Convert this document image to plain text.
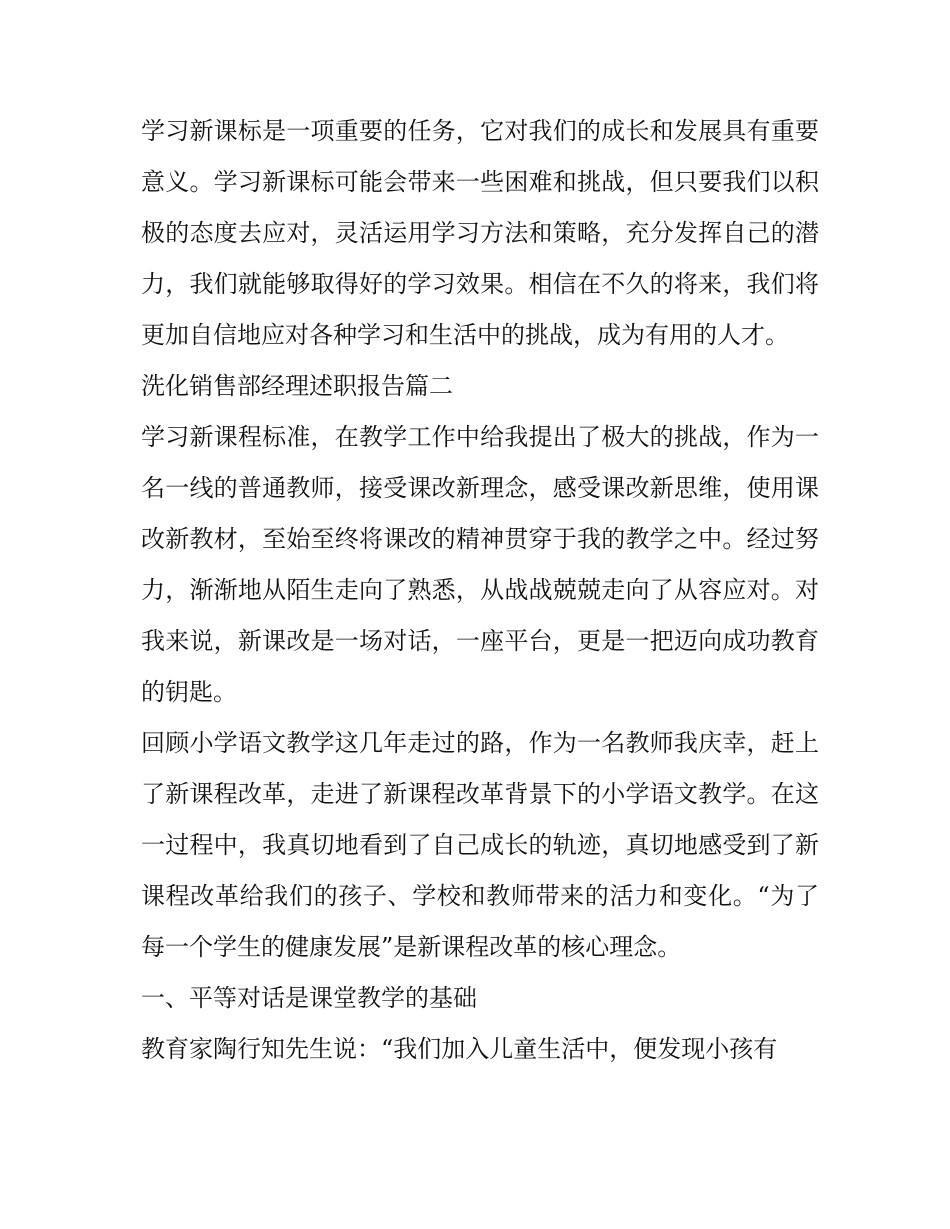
学习新课标是一项重要的任务，它对我们的成长和发展具有重要意义。学习新课标可能会带来一些困难和挑战，但只要我们以积极的态度去应对，灵活运用学习方法和策略，充分发挥自己的潜力，我们就能够取得好的学习效果。相信在不久的将来，我们将更加自信地应对各种学习和生活中的挑战，成为有用的人才。

洗化销售部经理述职报告篇二

学习新课程标准，在教学工作中给我提出了极大的挑战，作为一名一线的普通教师，接受课改新理念，感受课改新思维，使用课改新教材，至始至终将课改的精神贯穿于我的教学之中。经过努力，渐渐地从陌生走向了熟悉，从战战兢兢走向了从容应对。对我来说，新课改是一场对话，一座平台，更是一把迈向成功教育的钥匙。

回顾小学语文教学这几年走过的路，作为一名教师我庆幸，赶上了新课程改革，走进了新课程改革背景下的小学语文教学。在这一过程中，我真切地看到了自己成长的轨迹，真切地感受到了新课程改革给我们的孩子、学校和教师带来的活力和变化。“为了每一个学生的健康发展”是新课程改革的核心理念。

一、平等对话是课堂教学的基础

教育家陶行知先生说：“我们加入儿童生活中，便发现小孩有
